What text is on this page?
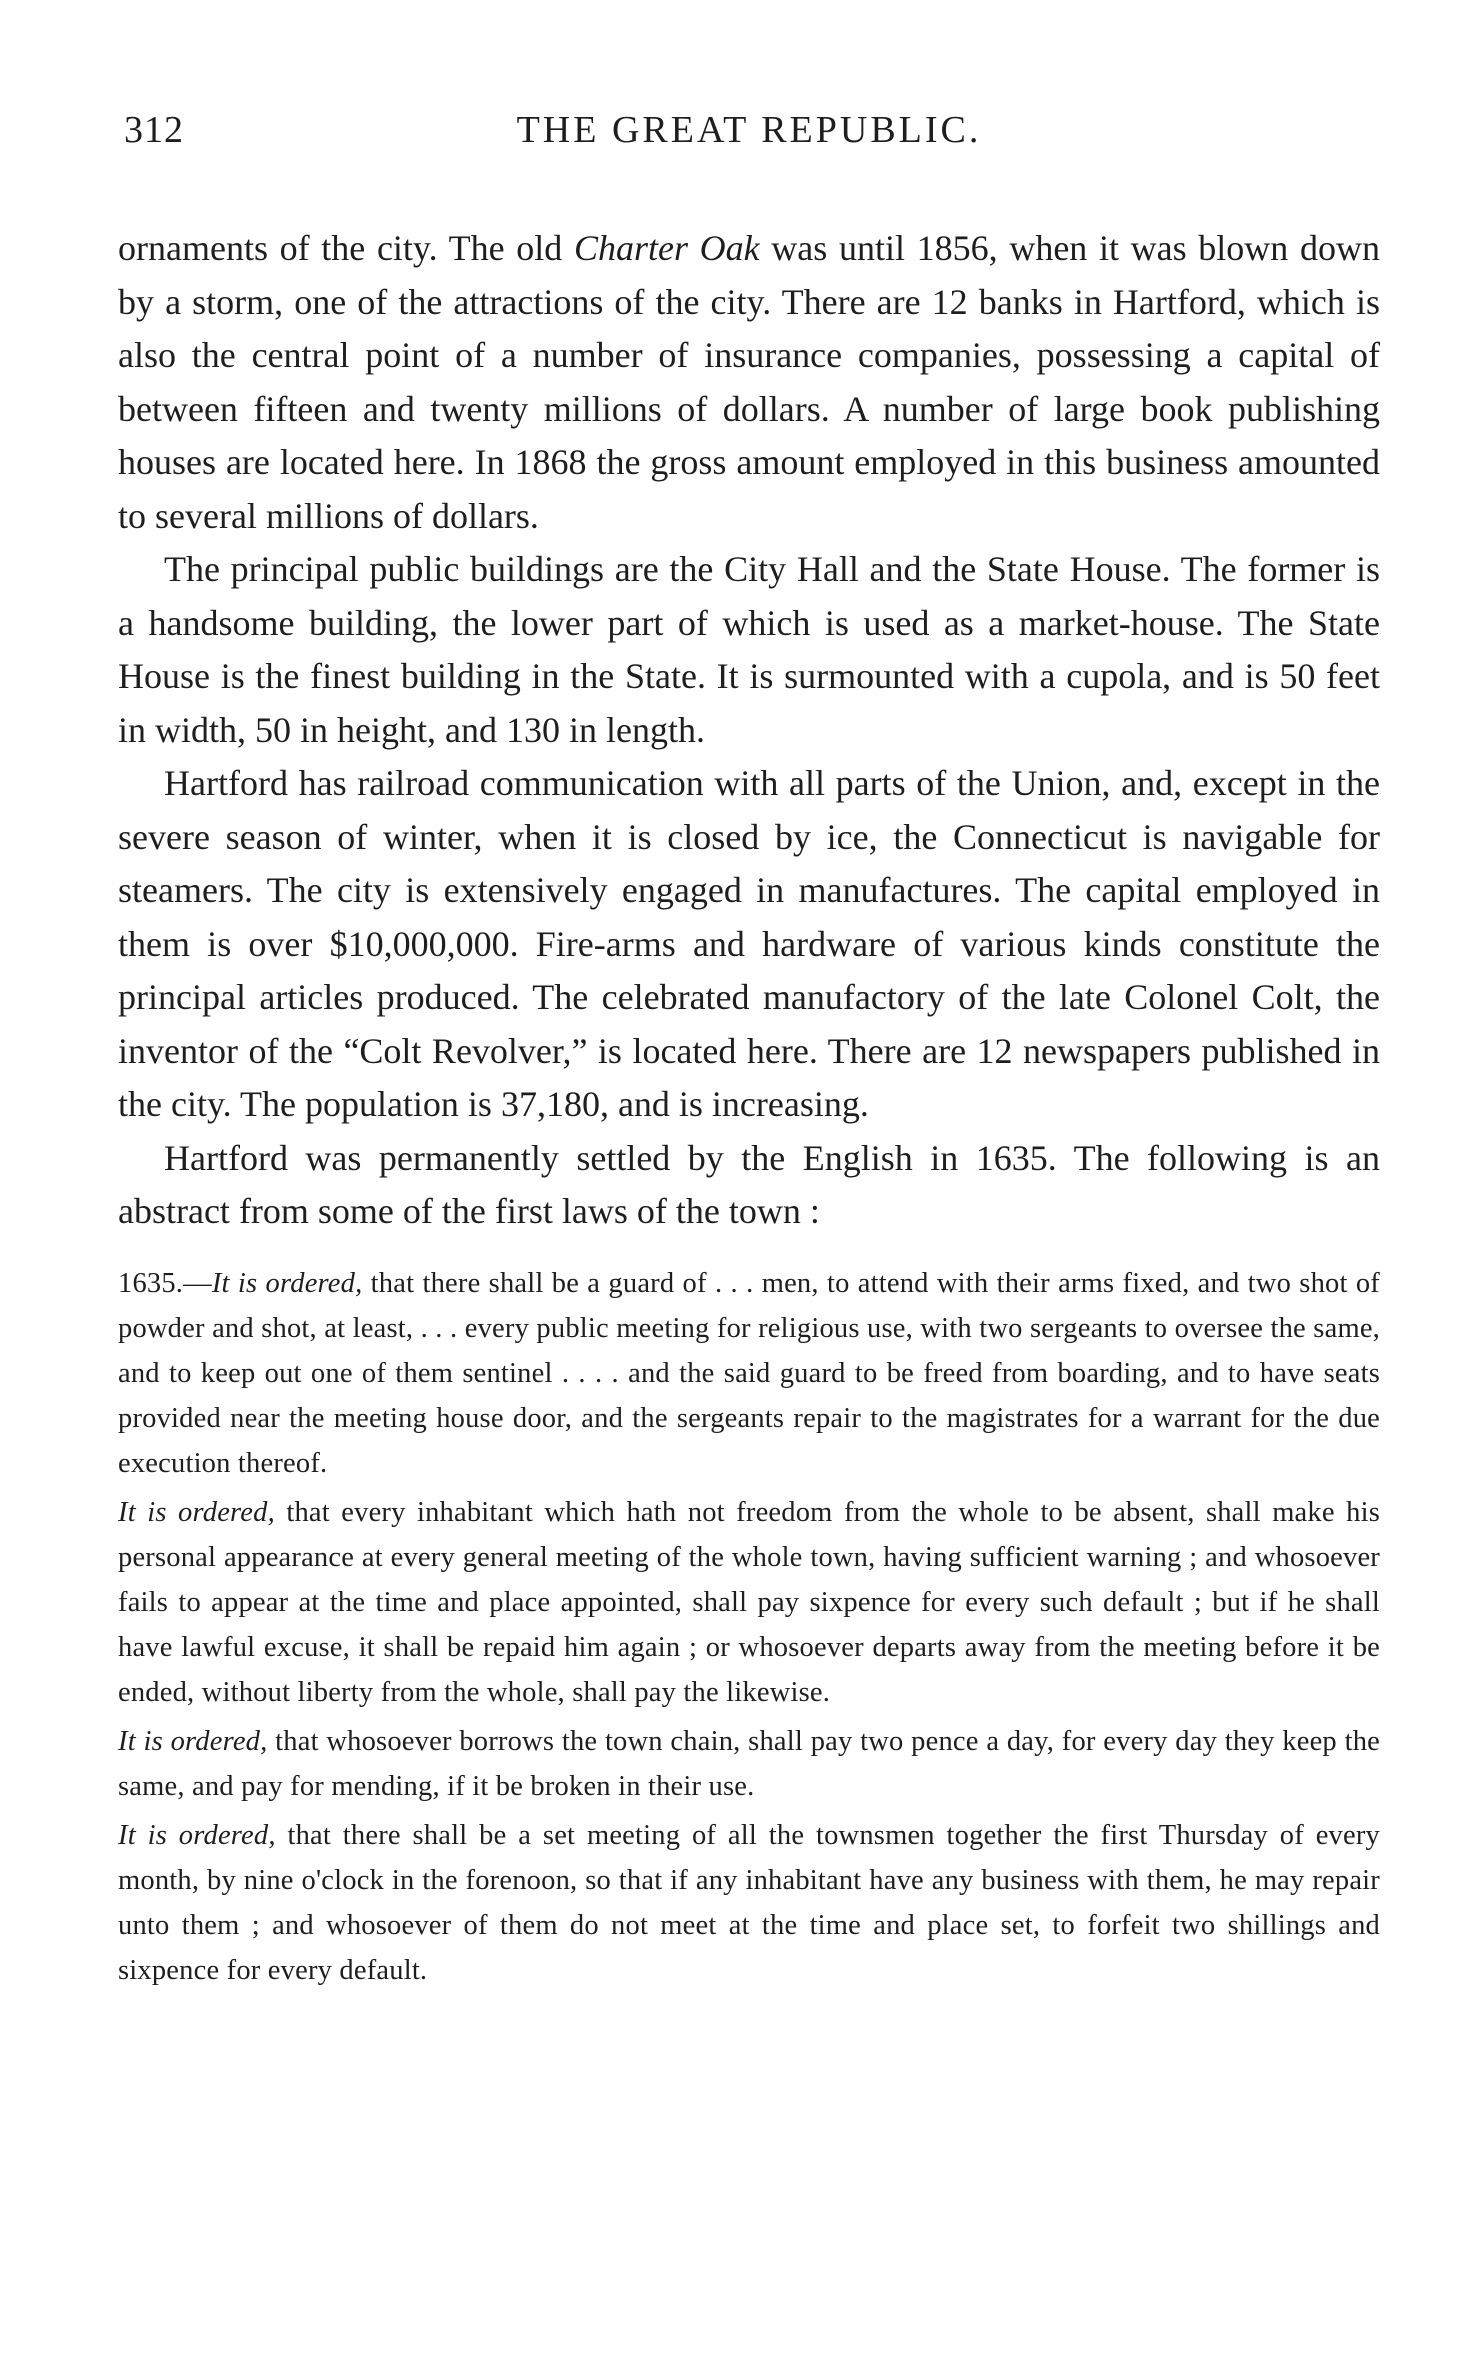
312	THE GREAT REPUBLIC.

ornaments of the city. The old Charter Oak was until 1856, when it was blown down by a storm, one of the attractions of the city. There are 12 banks in Hartford, which is also the central point of a number of insurance companies, possessing a capital of between fifteen and twenty millions of dollars. A number of large book publishing houses are located here. In 1868 the gross amount employed in this business amounted to several millions of dollars.

The principal public buildings are the City Hall and the State House. The former is a handsome building, the lower part of which is used as a market-house. The State House is the finest building in the State. It is surmounted with a cupola, and is 50 feet in width, 50 in height, and 130 in length.

Hartford has railroad communication with all parts of the Union, and, except in the severe season of winter, when it is closed by ice, the Connecticut is navigable for steamers. The city is extensively engaged in manufactures. The capital employed in them is over $10,000,000. Fire-arms and hardware of various kinds constitute the principal articles produced. The celebrated manufactory of the late Colonel Colt, the inventor of the “Colt Revolver,” is located here. There are 12 newspapers published in the city. The population is 37,180, and is increasing.

Hartford was permanently settled by the English in 1635. The following is an abstract from some of the first laws of the town :

1635.—It is ordered, that there shall be a guard of . . . men, to attend with their arms fixed, and two shot of powder and shot, at least, . . . every public meeting for religious use, with two sergeants to oversee the same, and to keep out one of them sentinel . . . . and the said guard to be freed from boarding, and to have seats provided near the meeting house door, and the sergeants repair to the magistrates for a warrant for the due execution thereof.

It is ordered, that every inhabitant which hath not freedom from the whole to be absent, shall make his personal appearance at every general meeting of the whole town, having sufficient warning ; and whosoever fails to appear at the time and place appointed, shall pay sixpence for every such default ; but if he shall have lawful excuse, it shall be repaid him again ; or whosoever departs away from the meeting before it be ended, without liberty from the whole, shall pay the likewise.

It is ordered, that whosoever borrows the town chain, shall pay two pence a day, for every day they keep the same, and pay for mending, if it be broken in their use.

It is ordered, that there shall be a set meeting of all the townsmen together the first Thursday of every month, by nine o'clock in the forenoon, so that if any inhabitant have any business with them, he may repair unto them ; and whosoever of them do not meet at the time and place set, to forfeit two shillings and sixpence for every default.
